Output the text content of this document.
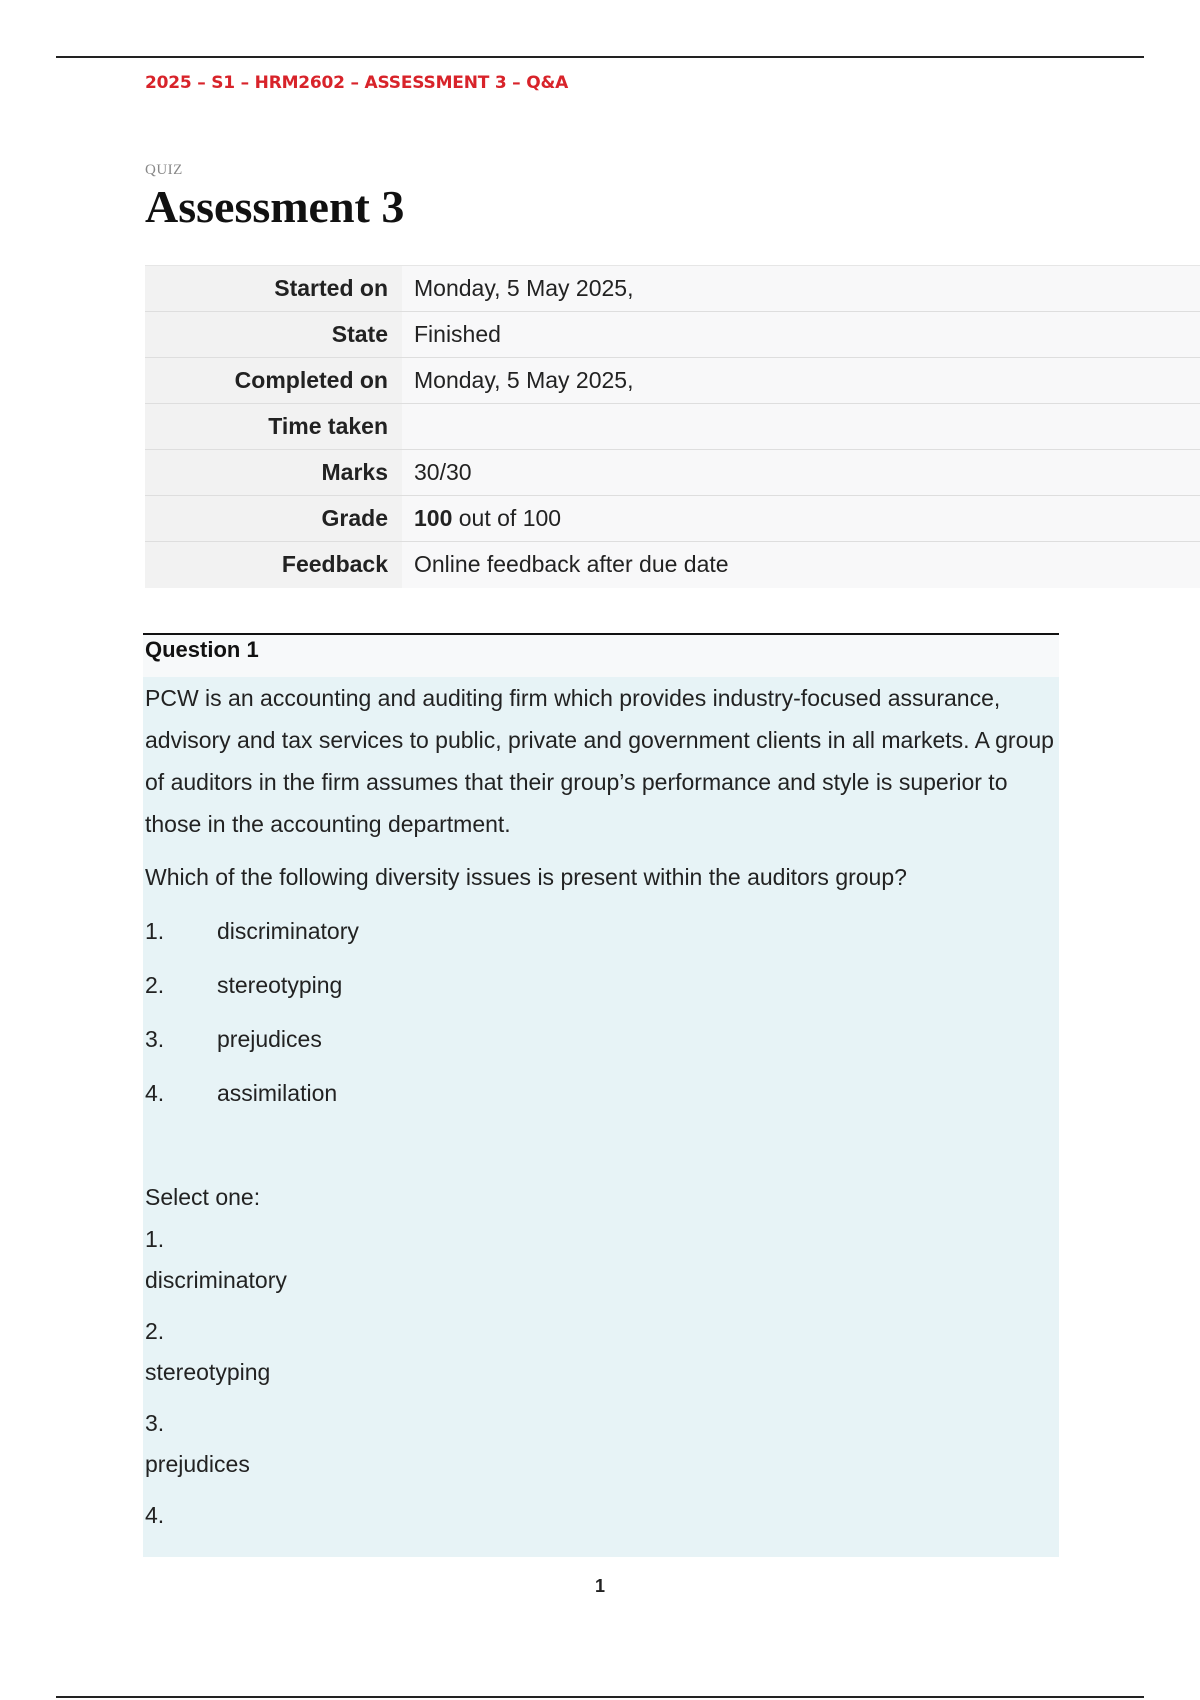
2025 – S1 – HRM2602 – ASSESSMENT 3 – Q&A
QUIZ
Assessment 3
Started on	Monday, 5 May 2025,
State	Finished
Completed on	Monday, 5 May 2025,
Time taken	
Marks	30/30
Grade	100 out of 100
Feedback	Online feedback after due date
Question 1

PCW is an accounting and auditing firm which provides industry-focused assurance, advisory and tax services to public, private and government clients in all markets. A group of auditors in the firm assumes that their group’s performance and style is superior to those in the accounting department.

Which of the following diversity issues is present within the auditors group?

1.	discriminatory
2.	stereotyping
3.	prejudices
4.	assimilation
Select one:
1.
discriminatory
2.
stereotyping
3.
prejudices
4.
1
